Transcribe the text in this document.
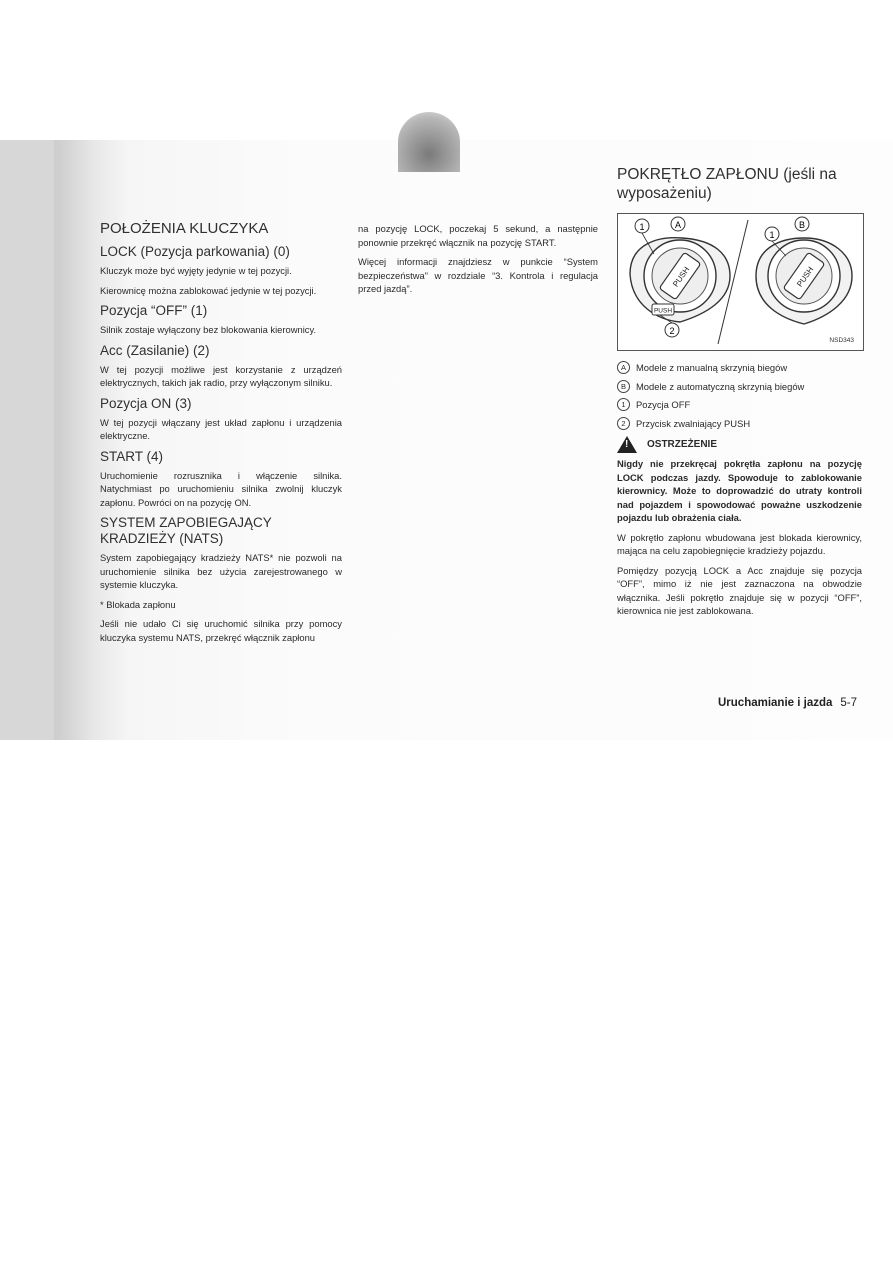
POŁOŻENIA KLUCZYKA
LOCK (Pozycja parkowania) (0)

Kluczyk może być wyjęty jedynie w tej pozycji.

Kierownicę można zablokować jedynie w tej pozycji.

Pozycja “OFF” (1)

Silnik zostaje wyłączony bez blokowania kierownicy.

Acc (Zasilanie) (2)

W tej pozycji możliwe jest korzystanie z urządzeń elektrycznych, takich jak radio, przy wyłączonym silniku.

Pozycja ON (3)

W tej pozycji włączany jest układ zapłonu i urządzenia elektryczne.

START (4)

Uruchomienie rozrusznika i włączenie silnika. Natychmiast po uruchomieniu silnika zwolnij kluczyk zapłonu. Powróci on na pozycję ON.

SYSTEM ZAPOBIEGAJĄCY KRADZIEŻY (NATS)

System zapobiegający kradzieży NATS* nie pozwoli na uruchomienie silnika bez użycia zarejestrowanego w systemie kluczyka.

* Blokada zapłonu

Jeśli nie udało Ci się uruchomić silnika przy pomocy kluczyka systemu NATS, przekręć włącznik zapłonu

na pozycję LOCK, poczekaj 5 sekund, a następnie ponownie przekręć włącznik na pozycję START.

Więcej informacji znajdziesz w punkcie “System bezpieczeństwa” w rozdziale “3. Kontrola i regulacja przed jazdą”.

POKRĘTŁO ZAPŁONU (jeśli na wyposażeniu)
PUSH
PUSH
PUSH
1	A	B
1
2
NSD343
A	Modele z manualną skrzynią biegów
B	Modele z automatyczną skrzynią biegów
1	Pozycja OFF
2	Przycisk zwalniający PUSH
! OSTRZEŻENIE

Nigdy nie przekręcaj pokrętła zapłonu na pozycję LOCK podczas jazdy. Spowoduje to zablokowanie kierownicy. Może to doprowadzić do utraty kontroli nad pojazdem i spowodować poważne uszkodzenie pojazdu lub obrażenia ciała.

W pokrętło zapłonu wbudowana jest blokada kierownicy, mająca na celu zapobiegnięcie kradzieży pojazdu.

Pomiędzy pozycją LOCK a Acc znajduje się pozycja “OFF”, mimo iż nie jest zaznaczona na obwodzie włącznika. Jeśli pokrętło znajduje się w pozycji “OFF”, kierownica nie jest zablokowana.

Uruchamianie i jazda 5-7
